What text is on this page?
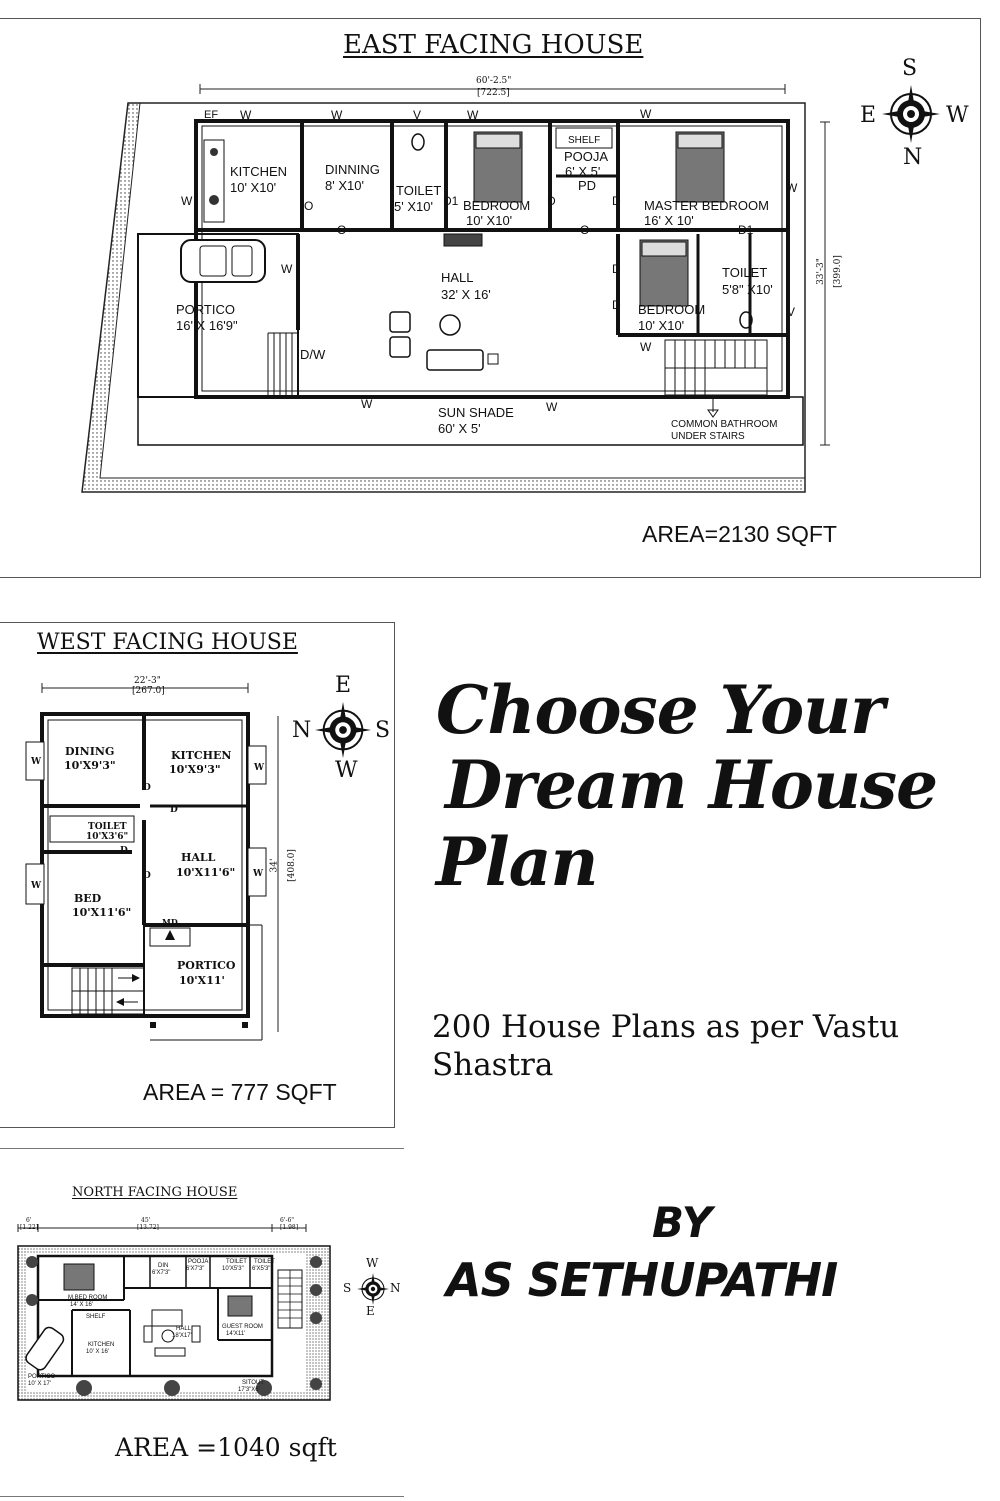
EAST FACING HOUSE
S
E	W
N
60'-2.5"
[722.5]
33'-3" [399.0]
KITCHEN
10' X10'
DINNING
8' X10' TOILET
5' X10' BEDROOM
10' X10'
SHELF
POOJA
6' X 5'
PD
MASTER BEDROOM
16' X 10'
PORTICO
16' X 16'9"
HALL
32' X 16'
TOILET
5'8" X10'
BEDROOM
10' X10'
D/W
SUN SHADE
60' X 5'	COMMON BATHROOM
UNDER STAIRS
EF W	W	V	W	W
W
W
W
V
W
W	W
D1	D	D
D1
D
D
O
O	O
AREA=2130 SQFT
WEST FACING HOUSE
E
N	S
W
22'-3"
[267.0]
34' [408.0]
DINING
10'X9'3"
KITCHEN
10'X9'3"
TOILET
10'X3'6"
HALL
10'X11'6"
BED
10'X11'6"
PORTICO
10'X11'
MD
W
W
W
W
D
D
D
D
AREA = 777 SQFT
NORTH FACING HOUSE
W
S	N
E
6'
[1.22]
45'
[13.72]
6'-6"
[1.98]
M.BED ROOM
14' X 16'
SHELF
KITCHEN
10' X 16'
POOJA
6'X7'3"
DIN
6'X7'3"
TOILET
10'X5'3"
TOILET
6'X5'3"
HALL
18'X17'
GUEST ROOM
14'X11'
PORTICO
10' X 17'	SITOUT
17'3"X6'
AREA =1040 sqft
Choose Your
Dream House
Plan
200 House Plans as per Vastu
Shastra
BY
AS SETHUPATHI
